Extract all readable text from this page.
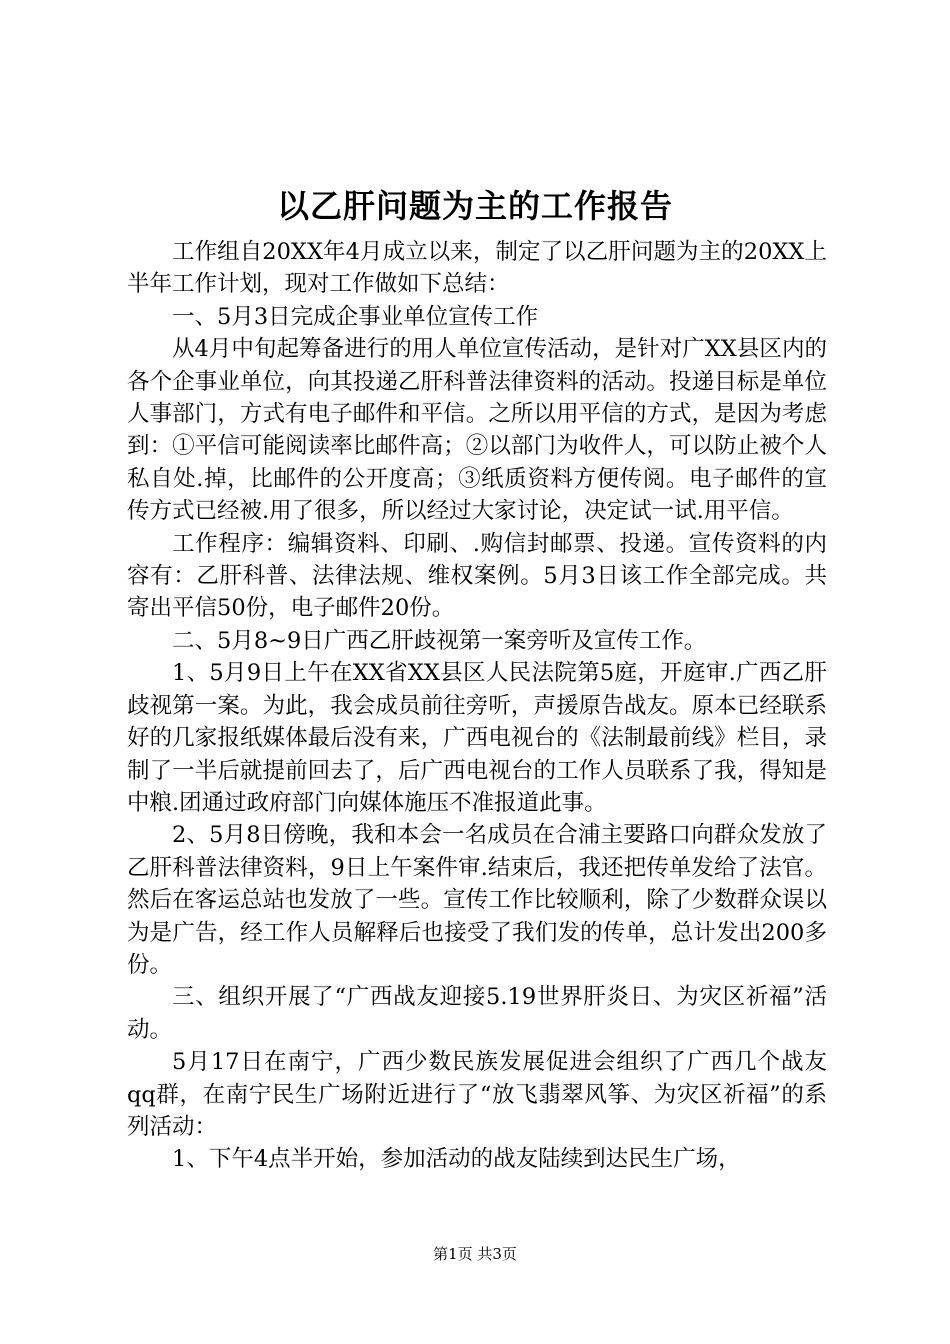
以乙肝问题为主的工作报告

工作组自20XX年4月成立以来，制定了以乙肝问题为主的20XX上半年工作计划，现对工作做如下总结：

一、5月3日完成企事业单位宣传工作

从4月中旬起筹备进行的用人单位宣传活动，是针对广XX县区内的各个企事业单位，向其投递乙肝科普法律资料的活动。投递目标是单位人事部门，方式有电子邮件和平信。之所以用平信的方式，是因为考虑到：①平信可能阅读率比邮件高；②以部门为收件人，可以防止被个人私自处.掉，比邮件的公开度高；③纸质资料方便传阅。电子邮件的宣传方式已经被.用了很多，所以经过大家讨论，决定试一试.用平信。

工作程序：编辑资料、印刷、.购信封邮票、投递。宣传资料的内容有：乙肝科普、法律法规、维权案例。5月3日该工作全部完成。共寄出平信50份，电子邮件20份。

二、5月8~9日广西乙肝歧视第一案旁听及宣传工作。

1、5月9日上午在XX省XX县区人民法院第5庭，开庭审.广西乙肝歧视第一案。为此，我会成员前往旁听，声援原告战友。原本已经联系好的几家报纸媒体最后没有来，广西电视台的《法制最前线》栏目，录制了一半后就提前回去了，后广西电视台的工作人员联系了我，得知是中粮.团通过政府部门向媒体施压不准报道此事。

2、5月8日傍晚，我和本会一名成员在合浦主要路口向群众发放了乙肝科普法律资料，9日上午案件审.结束后，我还把传单发给了法官。然后在客运总站也发放了一些。宣传工作比较顺利，除了少数群众误以为是广告，经工作人员解释后也接受了我们发的传单，总计发出200多份。

三、组织开展了“广西战友迎接5.19世界肝炎日、为灾区祈福”活动。

5月17日在南宁，广西少数民族发展促进会组织了广西几个战友qq群，在南宁民生广场附近进行了“放飞翡翠风筝、为灾区祈福”的系列活动：

1、下午4点半开始，参加活动的战友陆续到达民生广场，

第1页 共3页
